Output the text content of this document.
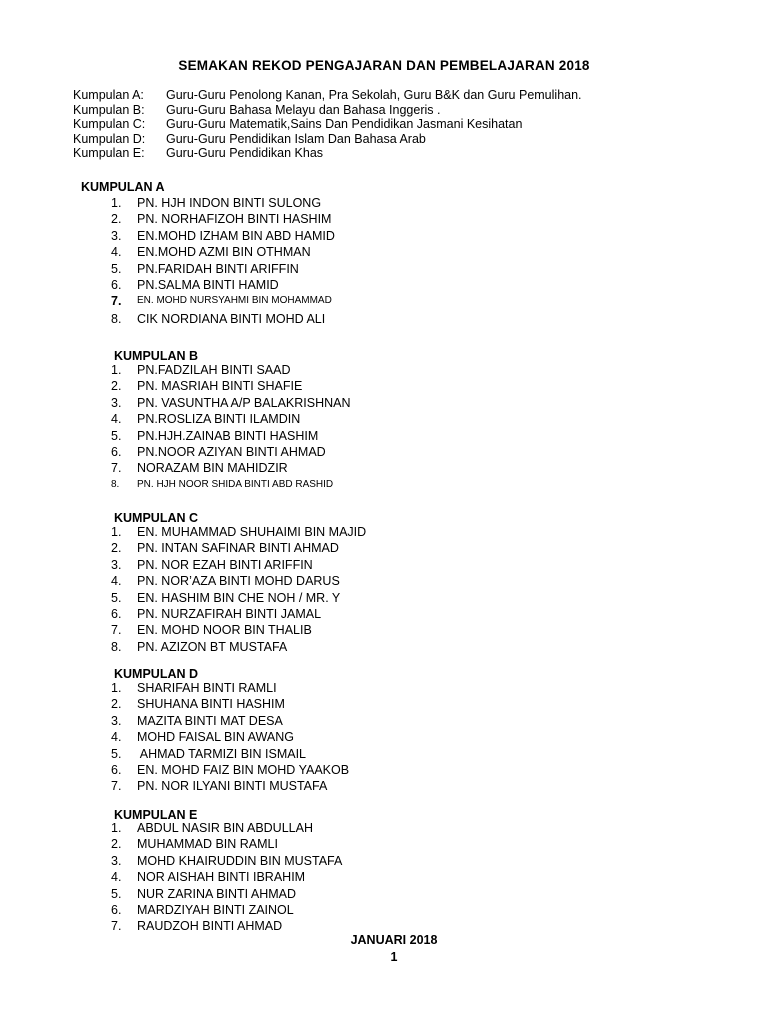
SEMAKAN REKOD PENGAJARAN DAN PEMBELAJARAN 2018
Kumpulan A:	Guru-Guru Penolong Kanan, Pra Sekolah, Guru B&K dan Guru Pemulihan.
Kumpulan B:	Guru-Guru Bahasa Melayu dan Bahasa Inggeris .
Kumpulan C:	Guru-Guru Matematik,Sains Dan Pendidikan Jasmani Kesihatan
Kumpulan D:	Guru-Guru Pendidikan Islam Dan Bahasa Arab
Kumpulan E:	Guru-Guru Pendidikan Khas
KUMPULAN A
1.	PN. HJH INDON BINTI SULONG
2.	PN. NORHAFIZOH BINTI HASHIM
3.	EN.MOHD IZHAM BIN ABD HAMID
4.	EN.MOHD AZMI BIN OTHMAN
5.	PN.FARIDAH BINTI ARIFFIN
6.	PN.SALMA BINTI HAMID
7.	EN. MOHD NURSYAHMI BIN MOHAMMAD
8.	CIK NORDIANA BINTI MOHD ALI
KUMPULAN B
1.	PN.FADZILAH BINTI SAAD
2.	PN. MASRIAH BINTI SHAFIE
3.	PN. VASUNTHA A/P BALAKRISHNAN
4.	PN.ROSLIZA BINTI ILAMDIN
5.	PN.HJH.ZAINAB BINTI HASHIM
6.	PN.NOOR AZIYAN BINTI AHMAD
7.	NORAZAM BIN MAHIDZIR
8.	PN. HJH NOOR SHIDA BINTI ABD RASHID
KUMPULAN C
1.	EN. MUHAMMAD SHUHAIMI BIN MAJID
2.	PN. INTAN SAFINAR BINTI AHMAD
3.	PN. NOR EZAH BINTI ARIFFIN
4.	PN. NOR’AZA BINTI MOHD DARUS
5.	EN. HASHIM BIN CHE NOH / MR. Y
6.	PN. NURZAFIRAH BINTI JAMAL
7.	EN. MOHD NOOR BIN THALIB
8.	PN. AZIZON BT MUSTAFA
KUMPULAN D
1.	SHARIFAH BINTI RAMLI
2.	SHUHANA BINTI HASHIM
3.	MAZITA BINTI MAT DESA
4.	MOHD FAISAL BIN AWANG
5.	AHMAD TARMIZI BIN ISMAIL
6.	EN. MOHD FAIZ BIN MOHD YAAKOB
7.	PN. NOR ILYANI BINTI MUSTAFA
KUMPULAN E
1.	ABDUL NASIR BIN ABDULLAH
2.	MUHAMMAD BIN RAMLI
3.	MOHD KHAIRUDDIN BIN MUSTAFA
4.	NOR AISHAH BINTI IBRAHIM
5.	NUR ZARINA BINTI AHMAD
6.	MARDZIYAH BINTI ZAINOL
7.	RAUDZOH BINTI AHMAD
JANUARI 2018
1
